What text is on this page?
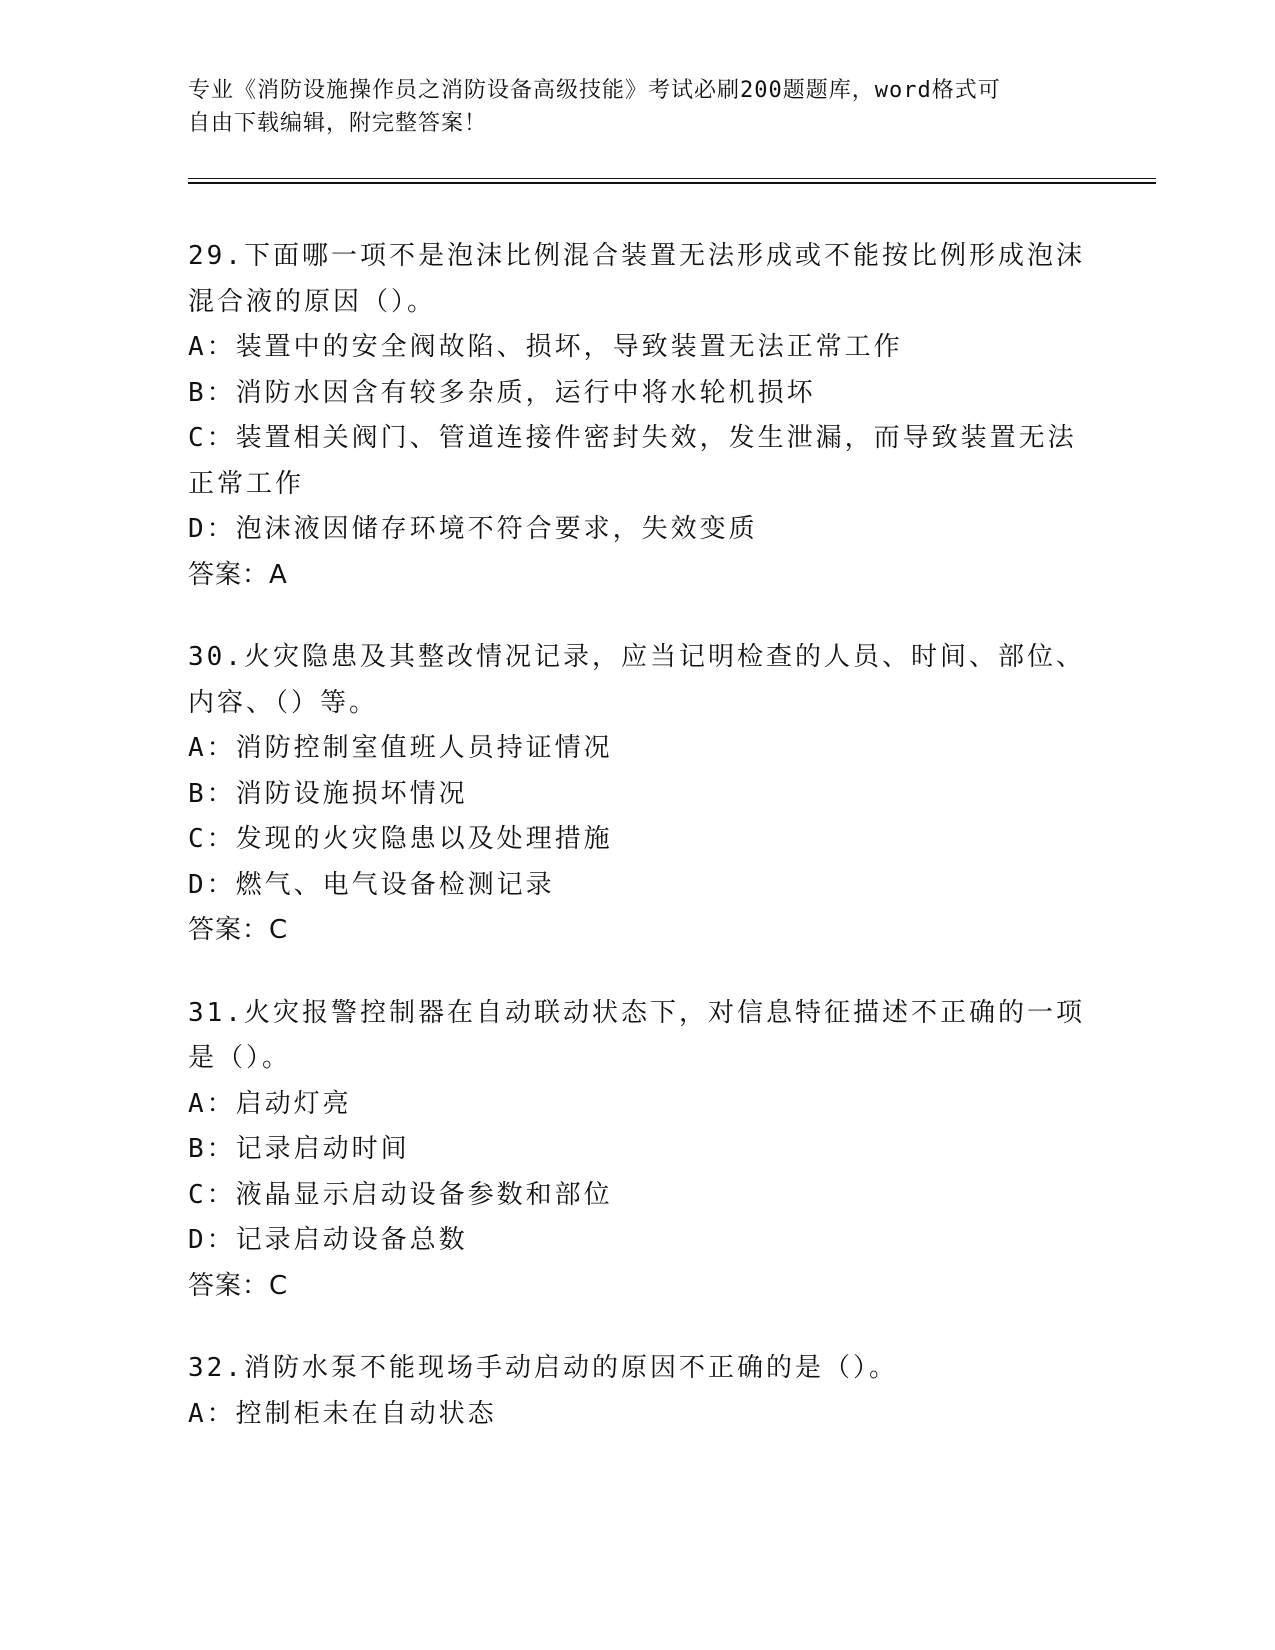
专业《消防设施操作员之消防设备高级技能》考试必刷200题题库，word格式可
自由下载编辑，附完整答案！

29.下面哪一项不是泡沫比例混合装置无法形成或不能按比例形成泡沫混合液的原因（）。

A：装置中的安全阀故陷、损坏，导致装置无法正常工作

B：消防水因含有较多杂质，运行中将水轮机损坏

C：装置相关阀门、管道连接件密封失效，发生泄漏，而导致装置无法正常工作

D：泡沫液因储存环境不符合要求，失效变质

答案：A

30.火灾隐患及其整改情况记录，应当记明检查的人员、时间、部位、内容、（）等。

A：消防控制室值班人员持证情况

B：消防设施损坏情况

C：发现的火灾隐患以及处理措施

D：燃气、电气设备检测记录

答案：C

31.火灾报警控制器在自动联动状态下，对信息特征描述不正确的一项是（）。

A：启动灯亮

B：记录启动时间

C：液晶显示启动设备参数和部位

D：记录启动设备总数

答案：C

32.消防水泵不能现场手动启动的原因不正确的是（）。

A：控制柜未在自动状态
